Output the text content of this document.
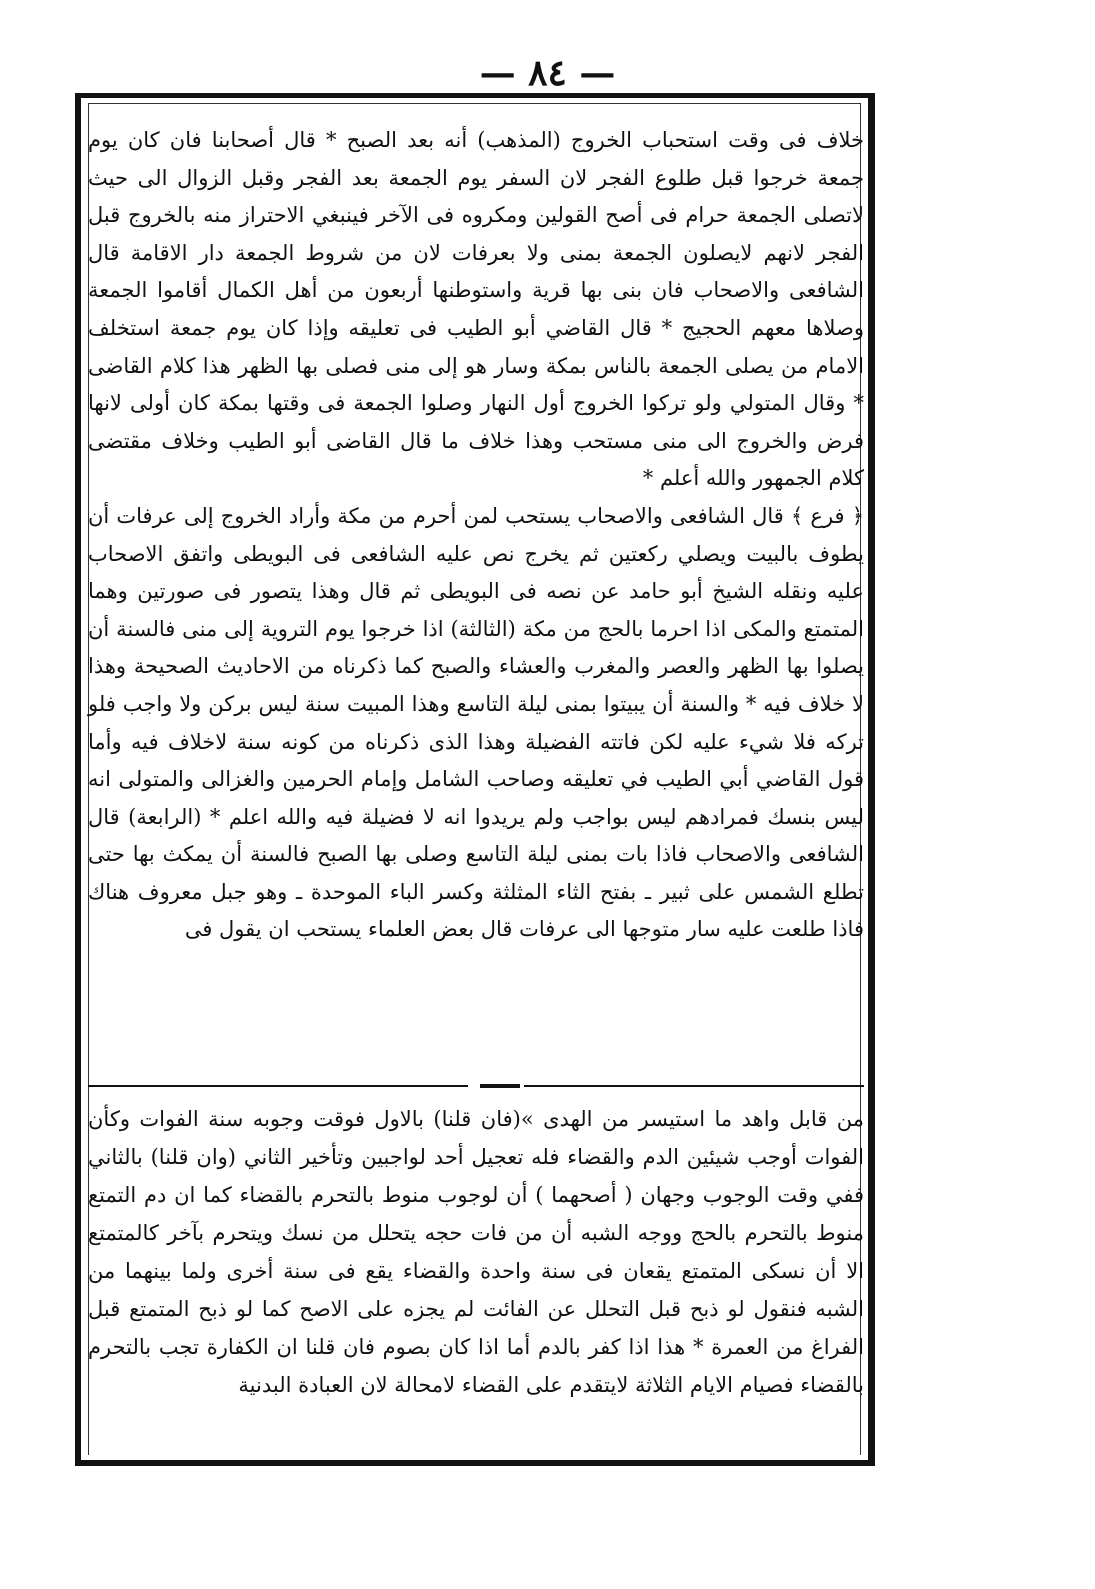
— ٨٤ —

خلاف فى وقت استحباب الخروج (المذهب) أنه بعد الصبح * قال أصحابنا فان كان يوم جمعة خرجوا قبل طلوع الفجر لان السفر يوم الجمعة بعد الفجر وقبل الزوال الى حيث لاتصلى الجمعة حرام فى أصح القولين ومكروه فى الآخر فينبغي الاحتراز منه بالخروج قبل الفجر لانهم لايصلون الجمعة بمنى ولا بعرفات لان من شروط الجمعة دار الاقامة قال الشافعى والاصحاب فان بنى بها قرية واستوطنها أربعون من أهل الكمال أقاموا الجمعة وصلاها معهم الحجيج * قال القاضي أبو الطيب فى تعليقه وإذا كان يوم جمعة استخلف الامام من يصلى الجمعة بالناس بمكة وسار هو إلى منى فصلى بها الظهر هذا كلام القاضى * وقال المتولي ولو تركوا الخروج أول النهار وصلوا الجمعة فى وقتها بمكة كان أولى لانها فرض والخروج الى منى مستحب وهذا خلاف ما قال القاضى أبو الطيب وخلاف مقتضى كلام الجمهور والله أعلم *

﴿ فرع ﴾ قال الشافعى والاصحاب يستحب لمن أحرم من مكة وأراد الخروج إلى عرفات أن يطوف بالبيت ويصلي ركعتين ثم يخرج نص عليه الشافعى فى البويطى واتفق الاصحاب عليه ونقله الشيخ أبو حامد عن نصه فى البويطى ثم قال وهذا يتصور فى صورتين وهما المتمتع والمكى اذا احرما بالحج من مكة (الثالثة) اذا خرجوا يوم التروية إلى منى فالسنة أن يصلوا بها الظهر والعصر والمغرب والعشاء والصبح كما ذكرناه من الاحاديث الصحيحة وهذا لا خلاف فيه * والسنة أن يبيتوا بمنى ليلة التاسع وهذا المبيت سنة ليس بركن ولا واجب فلو تركه فلا شيء عليه لكن فاتته الفضيلة وهذا الذى ذكرناه من كونه سنة لاخلاف فيه وأما قول القاضي أبي الطيب في تعليقه وصاحب الشامل وإمام الحرمين والغزالى والمتولى انه ليس بنسك فمرادهم ليس بواجب ولم يريدوا انه لا فضيلة فيه والله اعلم * (الرابعة) قال الشافعى والاصحاب فاذا بات بمنى ليلة التاسع وصلى بها الصبح فالسنة أن يمكث بها حتى تطلع الشمس على ثبير ـ بفتح الثاء المثلثة وكسر الباء الموحدة ـ وهو جبل معروف هناك فاذا طلعت عليه سار متوجها الى عرفات قال بعض العلماء يستحب ان يقول فى

من قابل واهد ما استيسر من الهدى »(فان قلنا) بالاول فوقت وجوبه سنة الفوات وكأن الفوات أوجب شيئين الدم والقضاء فله تعجيل أحد لواجبين وتأخير الثاني (وان قلنا) بالثاني ففي وقت الوجوب وجهان ( أصحهما ) أن لوجوب منوط بالتحرم بالقضاء كما ان دم التمتع منوط بالتحرم بالحج ووجه الشبه أن من فات حجه يتحلل من نسك ويتحرم بآخر كالمتمتع الا أن نسكى المتمتع يقعان فى سنة واحدة والقضاء يقع فى سنة أخرى ولما بينهما من الشبه فنقول لو ذبح قبل التحلل عن الفائت لم يجزه على الاصح كما لو ذبح المتمتع قبل الفراغ من العمرة * هذا اذا كفر بالدم أما اذا كان بصوم فان قلنا ان الكفارة تجب بالتحرم بالقضاء فصيام الايام الثلاثة لايتقدم على القضاء لامحالة لان العبادة البدنية
